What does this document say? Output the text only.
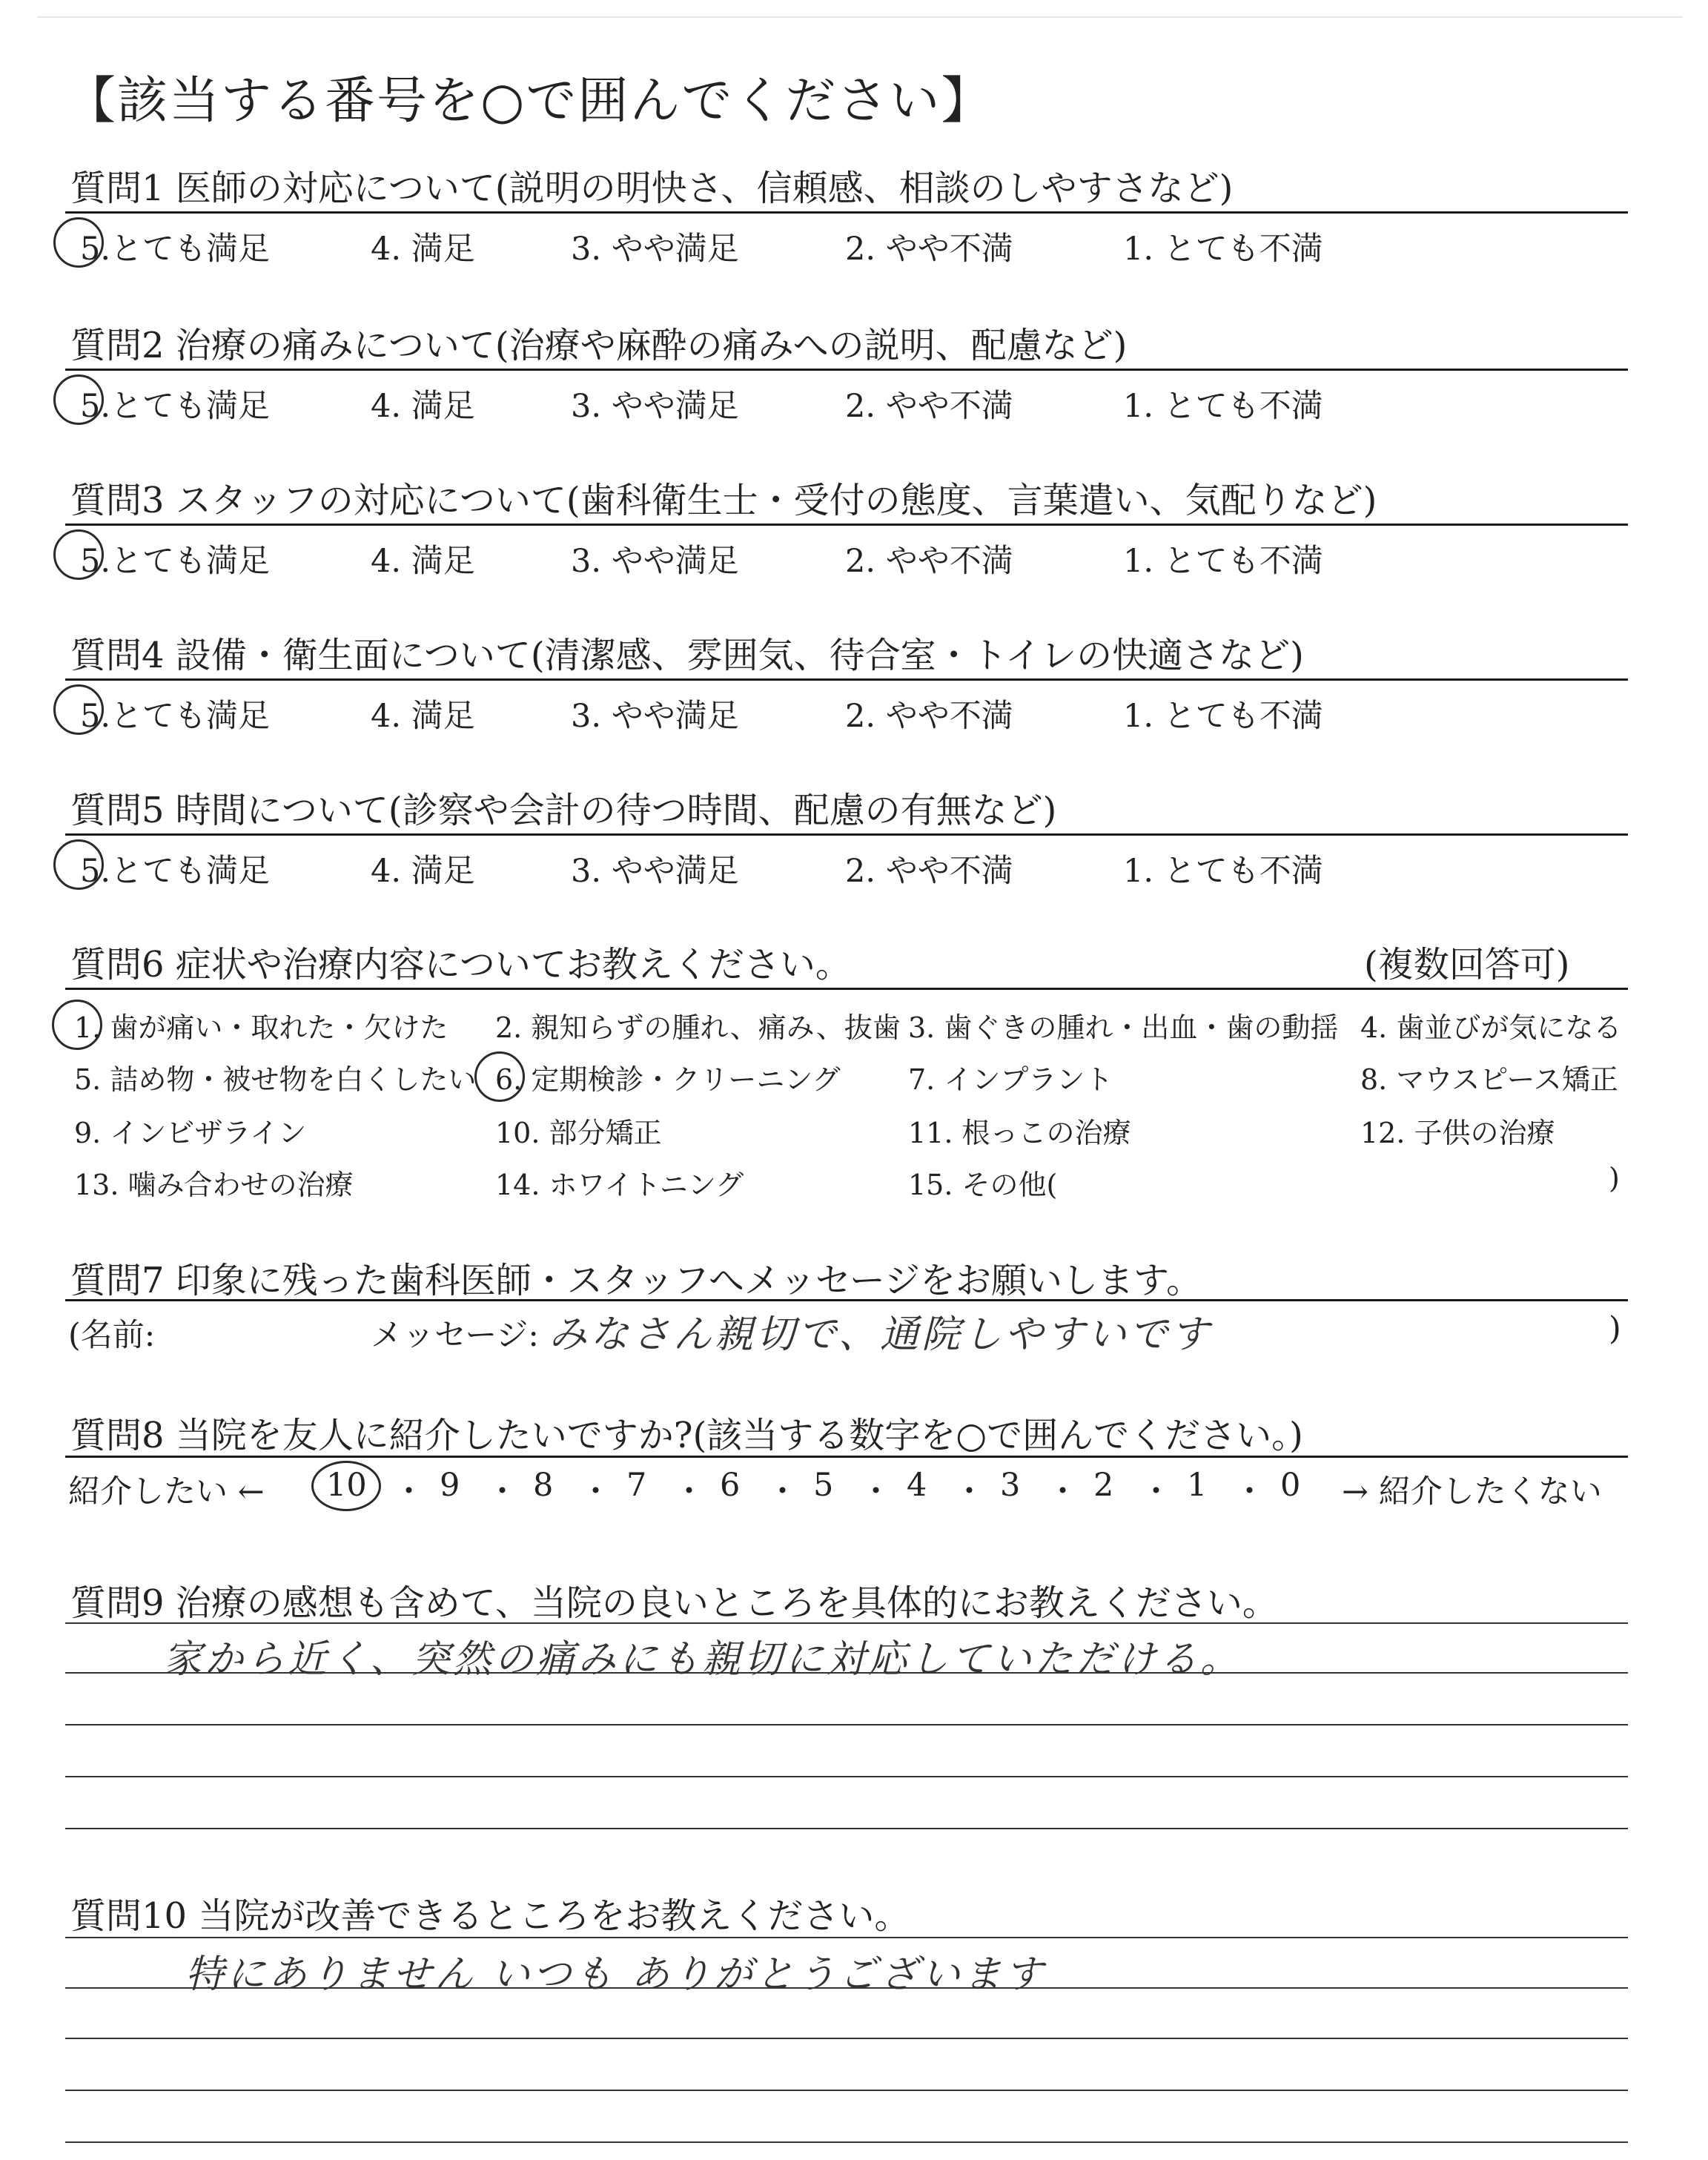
【該当する番号を○で囲んでください】
質問1 医師の対応について(説明の明快さ、信頼感、相談のしやすさなど)
5.とても満足	4. 満足	3. やや満足	2. やや不満	1. とても不満
質問2 治療の痛みについて(治療や麻酔の痛みへの説明、配慮など)
5.とても満足	4. 満足	3. やや満足	2. やや不満	1. とても不満
質問3 スタッフの対応について(歯科衛生士・受付の態度、言葉遣い、気配りなど)
5.とても満足	4. 満足	3. やや満足	2. やや不満	1. とても不満
質問4 設備・衛生面について(清潔感、雰囲気、待合室・トイレの快適さなど)
5.とても満足	4. 満足	3. やや満足	2. やや不満	1. とても不満
質問5 時間について(診察や会計の待つ時間、配慮の有無など)
5.とても満足	4. 満足	3. やや満足	2. やや不満	1. とても不満
質問6 症状や治療内容についてお教えください。	(複数回答可)
1. 歯が痛い・取れた・欠けた 2. 親知らずの腫れ、痛み、抜歯 3. 歯ぐきの腫れ・出血・歯の動揺 4. 歯並びが気になる
5. 詰め物・被せ物を白くしたい 6. 定期検診・クリーニング 7. インプラント	8. マウスピース矯正
9. インビザライン	10. 部分矯正	11. 根っこの治療	12. 子供の治療
13. 噛み合わせの治療	14. ホワイトニング	15. その他(	)
質問7 印象に残った歯科医師・スタッフへメッセージをお願いします。
(名前:	メッセージ: みなさん親切で、通院しやすいです	)
質問8 当院を友人に紹介したいですか?(該当する数字を○で囲んでください。)
紹介したい ← 10 ・ 9 ・ 8 ・ 7 ・ 6 ・ 5 ・ 4 ・ 3 ・ 2 ・ 1 ・ 0 → 紹介したくない
質問9 治療の感想も含めて、当院の良いところを具体的にお教えください。
家から近く、突然の痛みにも親切に対応していただける。
質問10 当院が改善できるところをお教えください。
特にありません いつも ありがとうございます
